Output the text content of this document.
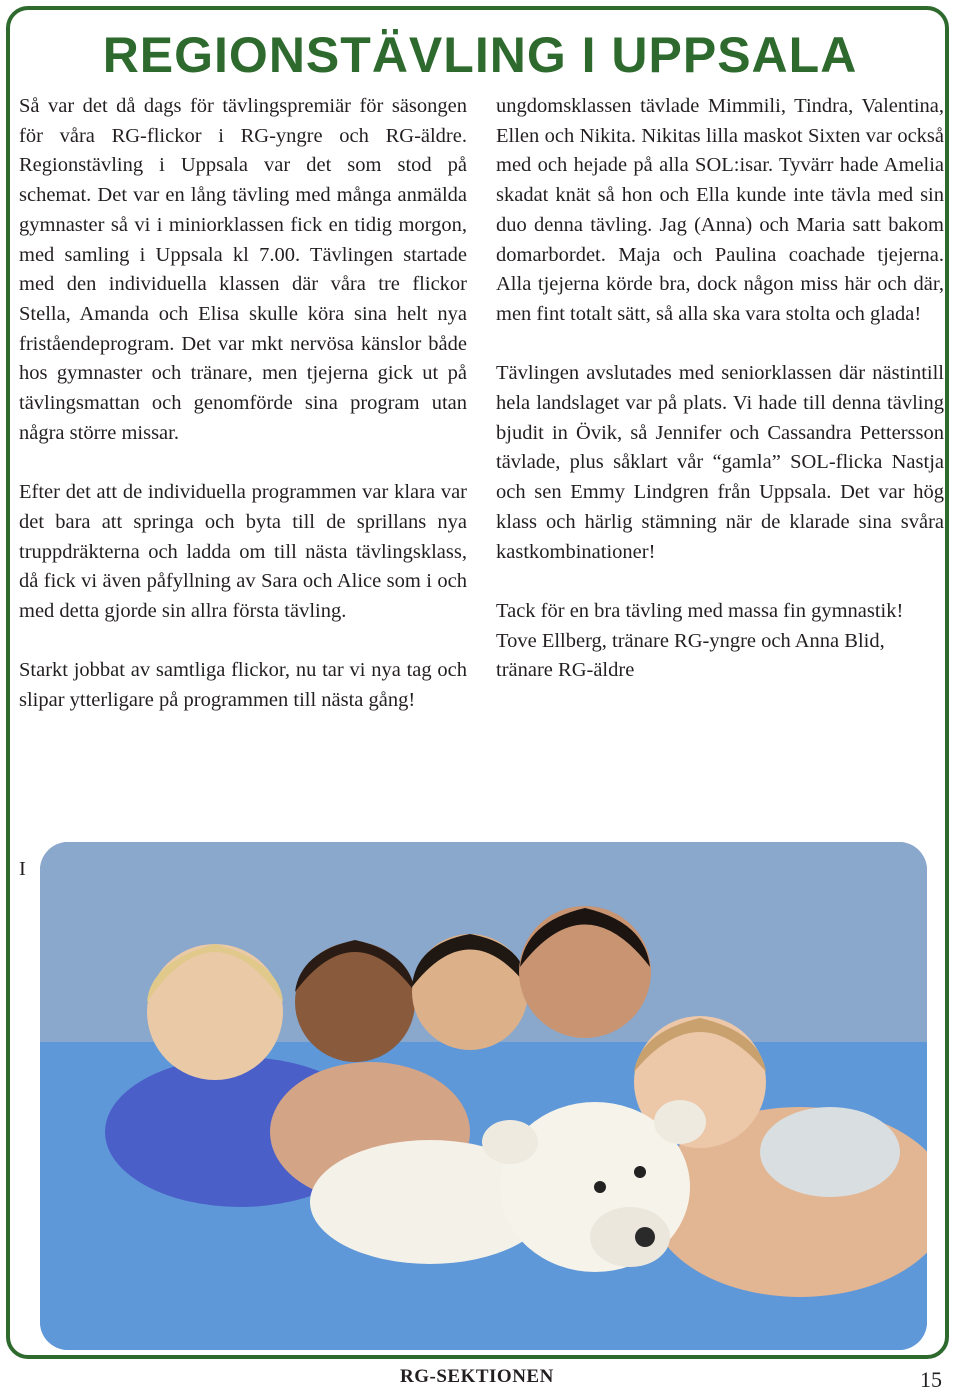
REGIONSTÄVLING I UPPSALA

Så var det då dags för tävlingspremiär för säsongen för våra RG-flickor i RG-yngre och RG-äldre. Regionstävling i Uppsala var det som stod på schemat. Det var en lång tävling med många anmälda gymnaster så vi i miniorklassen fick en tidig morgon, med samling i Uppsala kl 7.00. Tävlingen startade med den individuella klassen där våra tre flickor Stella, Amanda och Elisa skulle köra sina helt nya friståendeprogram. Det var mkt nervösa känslor både hos gymnaster och tränare, men tjejerna gick ut på tävlingsmattan och genomförde sina program utan några större missar.

Efter det att de individuella programmen var klara var det bara att springa och byta till de sprillans nya truppdräkterna och ladda om till nästa tävlingsklass, då fick vi även påfyllning av Sara och Alice som i och med detta gjorde sin allra första tävling.

Starkt jobbat av samtliga flickor, nu tar vi nya tag och slipar ytterligare på programmen till nästa gång!

I

ungdomsklassen tävlade Mimmili, Tindra, Valentina, Ellen och Nikita. Nikitas lilla maskot Sixten var också med och hejade på alla SOL:isar. Tyvärr hade Amelia skadat knät så hon och Ella kunde inte tävla med sin duo denna tävling. Jag (Anna) och Maria satt bakom domarbordet. Maja och Paulina coachade tjejerna. Alla tjejerna körde bra, dock någon miss här och där, men fint totalt sätt, så alla ska vara stolta och glada!

Tävlingen avslutades med seniorklassen där nästintill hela landslaget var på plats. Vi hade till denna tävling bjudit in Övik, så Jennifer och Cassandra Pettersson tävlade, plus såklart vår “gamla” SOL-flicka Nastja och sen Emmy Lindgren från Uppsala. Det var hög klass och härlig stämning när de klarade sina svåra kastkombinationer!

Tack för en bra tävling med massa fin gymnastik!

Tove Ellberg, tränare RG-yngre och Anna Blid, tränare RG-äldre

RG-SEKTIONEN	15
